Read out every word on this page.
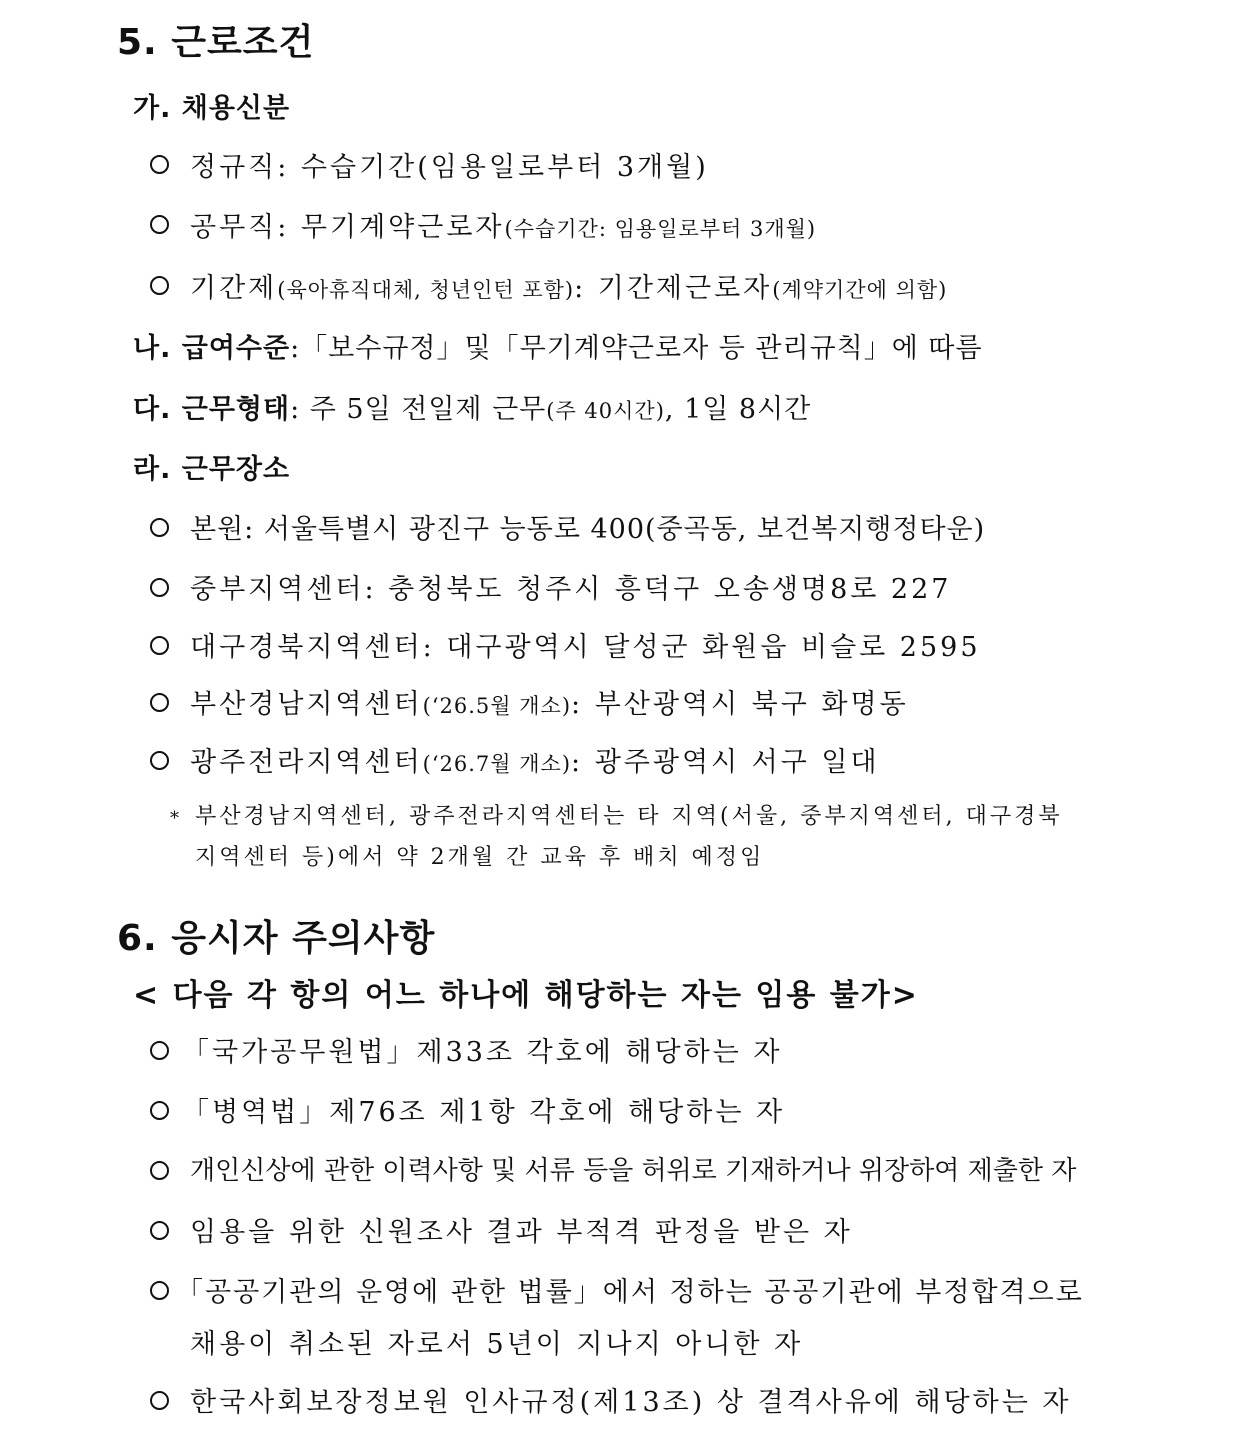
5. 근로조건
가. 채용신분
정규직: 수습기간(임용일로부터 3개월)
공무직: 무기계약근로자(수습기간: 임용일로부터 3개월)
기간제(육아휴직대체, 청년인턴 포함): 기간제근로자(계약기간에 의함)
나. 급여수준:「보수규정」및「무기계약근로자 등 관리규칙」에 따름
다. 근무형태: 주 5일 전일제 근무(주 40시간), 1일 8시간
라. 근무장소
본원: 서울특별시 광진구 능동로 400(중곡동, 보건복지행정타운)
중부지역센터: 충청북도 청주시 흥덕구 오송생명8로 227
대구경북지역센터: 대구광역시 달성군 화원읍 비슬로 2595
부산경남지역센터(‘26.5월 개소): 부산광역시 북구 화명동
광주전라지역센터(‘26.7월 개소): 광주광역시 서구 일대
* 부산경남지역센터, 광주전라지역센터는 타 지역(서울, 중부지역센터, 대구경북
지역센터 등)에서 약 2개월 간 교육 후 배치 예정임
6. 응시자 주의사항
< 다음 각 항의 어느 하나에 해당하는 자는 임용 불가>
「국가공무원법」제33조 각호에 해당하는 자
「병역법」제76조 제1항 각호에 해당하는 자
개인신상에 관한 이력사항 및 서류 등을 허위로 기재하거나 위장하여 제출한 자
임용을 위한 신원조사 결과 부적격 판정을 받은 자
「공공기관의 운영에 관한 법률」에서 정하는 공공기관에 부정합격으로
채용이 취소된 자로서 5년이 지나지 아니한 자
한국사회보장정보원 인사규정(제13조) 상 결격사유에 해당하는 자
